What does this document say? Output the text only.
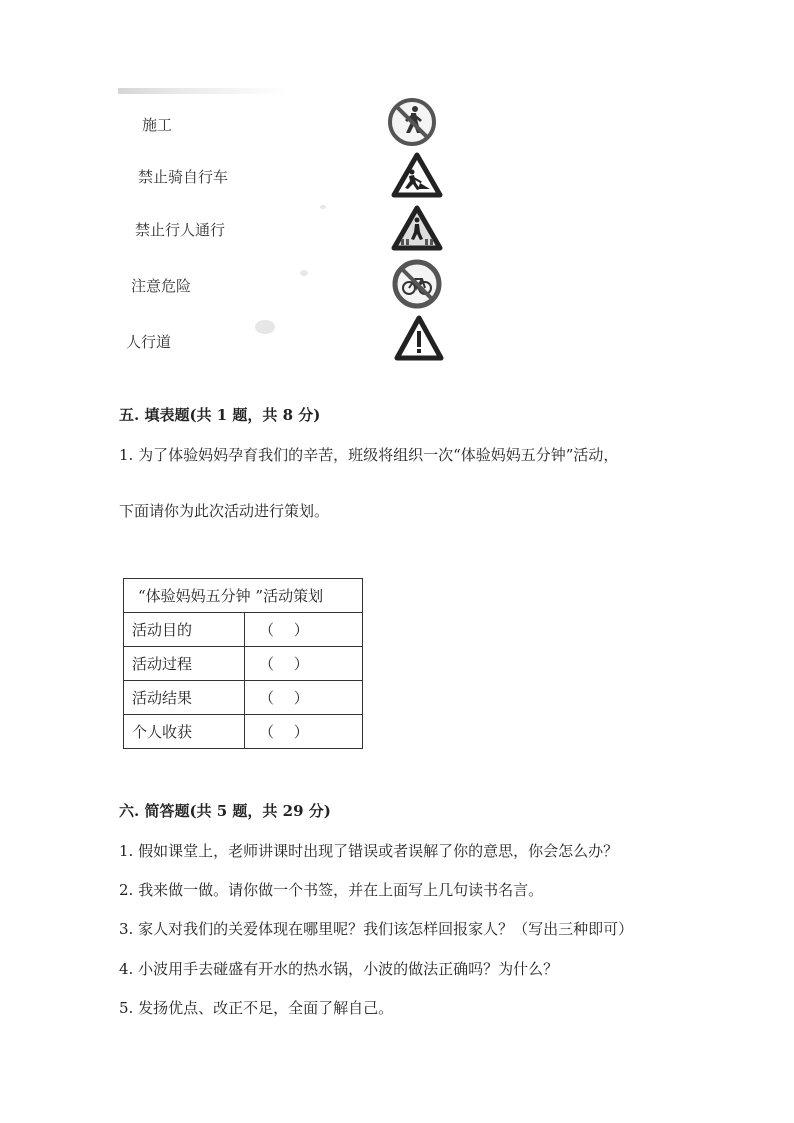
施工
禁止骑自行车
禁止行人通行
注意危险
人行道
五. 填表题(共 1 题，共 8 分)
1. 为了体验妈妈孕育我们的辛苦，班级将组织一次“体验妈妈五分钟”活动，
下面请你为此次活动进行策划。
“体验妈妈五分钟 ”活动策划	
活动目的	（　 ）
活动过程	（　 ）
活动结果	（　 ）
个人收获	（　 ）
六. 简答题(共 5 题，共 29 分)
1. 假如课堂上，老师讲课时出现了错误或者误解了你的意思，你会怎么办？
2. 我来做一做。请你做一个书签，并在上面写上几句读书名言。
3. 家人对我们的关爱体现在哪里呢？我们该怎样回报家人？（写出三种即可）
4. 小波用手去碰盛有开水的热水锅，小波的做法正确吗？为什么？
5. 发扬优点、改正不足，全面了解自己。
